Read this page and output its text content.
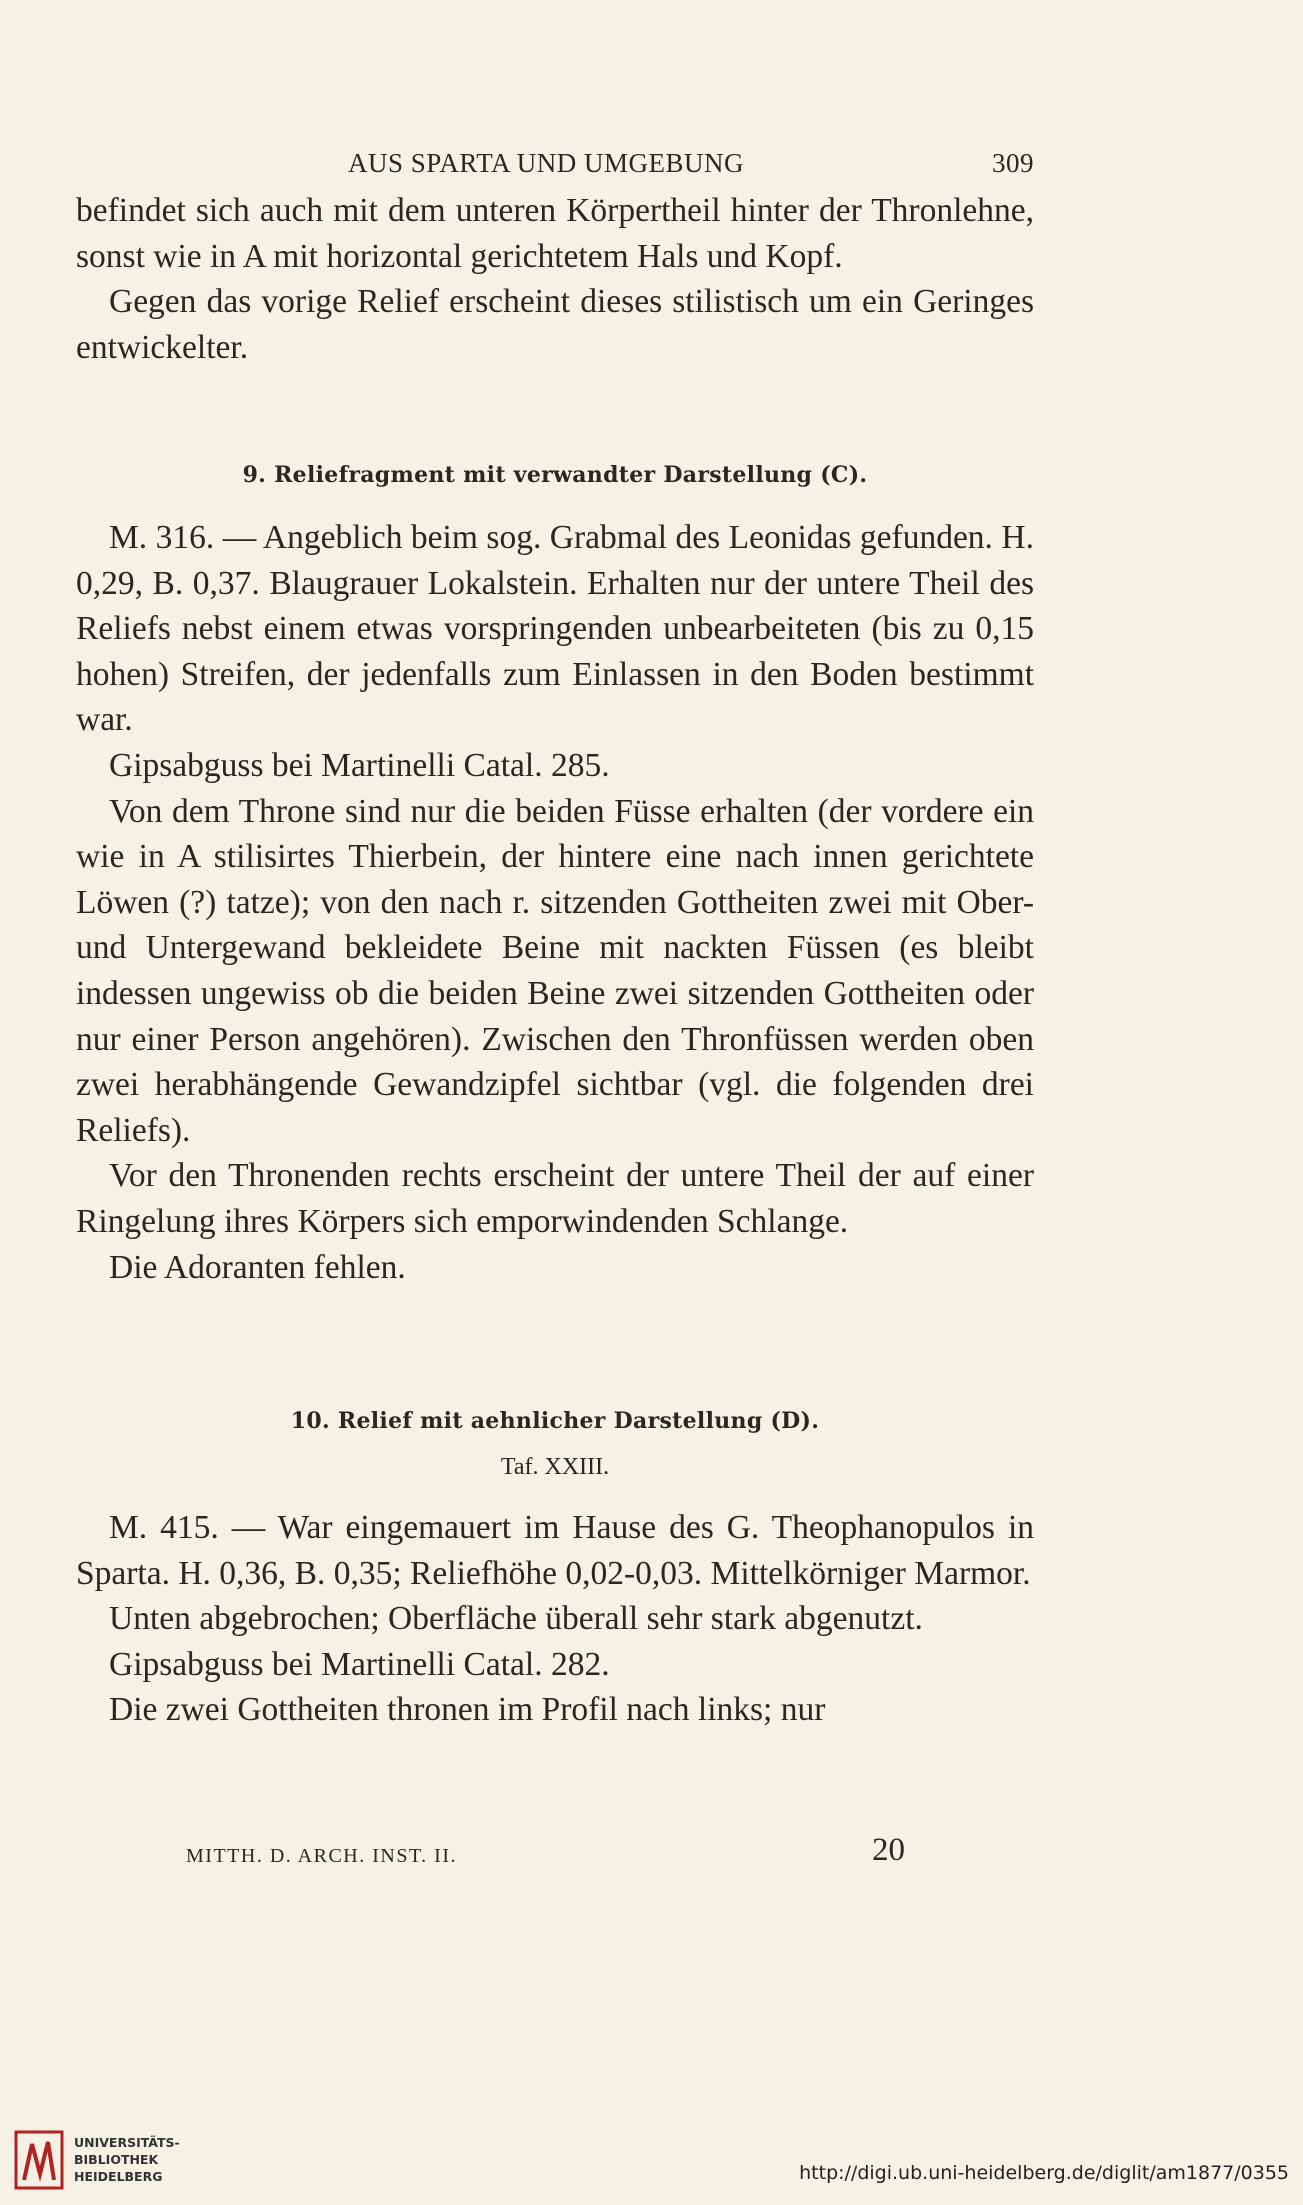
AUS SPARTA UND UMGEBUNG	309

befindet sich auch mit dem unteren Körpertheil hinter der Thronlehne, sonst wie in A mit horizontal gerichtetem Hals und Kopf.

Gegen das vorige Relief erscheint dieses stilistisch um ein Geringes entwickelter.

9. Reliefragment mit verwandter Darstellung (C).

M. 316. — Angeblich beim sog. Grabmal des Leonidas gefunden. H. 0,29, B. 0,37. Blaugrauer Lokalstein. Erhalten nur der untere Theil des Reliefs nebst einem etwas vorspringenden unbearbeiteten (bis zu 0,15 hohen) Streifen, der jedenfalls zum Einlassen in den Boden bestimmt war.

Gipsabguss bei Martinelli Catal. 285.

Von dem Throne sind nur die beiden Füsse erhalten (der vordere ein wie in A stilisirtes Thierbein, der hintere eine nach innen gerichtete Löwen (?) tatze); von den nach r. sitzenden Gottheiten zwei mit Ober- und Untergewand bekleidete Beine mit nackten Füssen (es bleibt indessen ungewiss ob die beiden Beine zwei sitzenden Gottheiten oder nur einer Person angehören). Zwischen den Thronfüssen werden oben zwei herabhängende Gewandzipfel sichtbar (vgl. die folgenden drei Reliefs).

Vor den Thronenden rechts erscheint der untere Theil der auf einer Ringelung ihres Körpers sich emporwindenden Schlange.

Die Adoranten fehlen.

10. Relief mit aehnlicher Darstellung (D).
Taf. XXIII.

M. 415. — War eingemauert im Hause des G. Theophanopulos in Sparta. H. 0,36, B. 0,35; Reliefhöhe 0,02-0,03. Mittelkörniger Marmor.

Unten abgebrochen; Oberfläche überall sehr stark abgenutzt.

Gipsabguss bei Martinelli Catal. 282.

Die zwei Gottheiten thronen im Profil nach links; nur

MITTH. D. ARCH. INST. II.	20
UNIVERSITÄTS-
BIBLIOTHEK
HEIDELBERG	http://digi.ub.uni-heidelberg.de/diglit/am1877/0355
